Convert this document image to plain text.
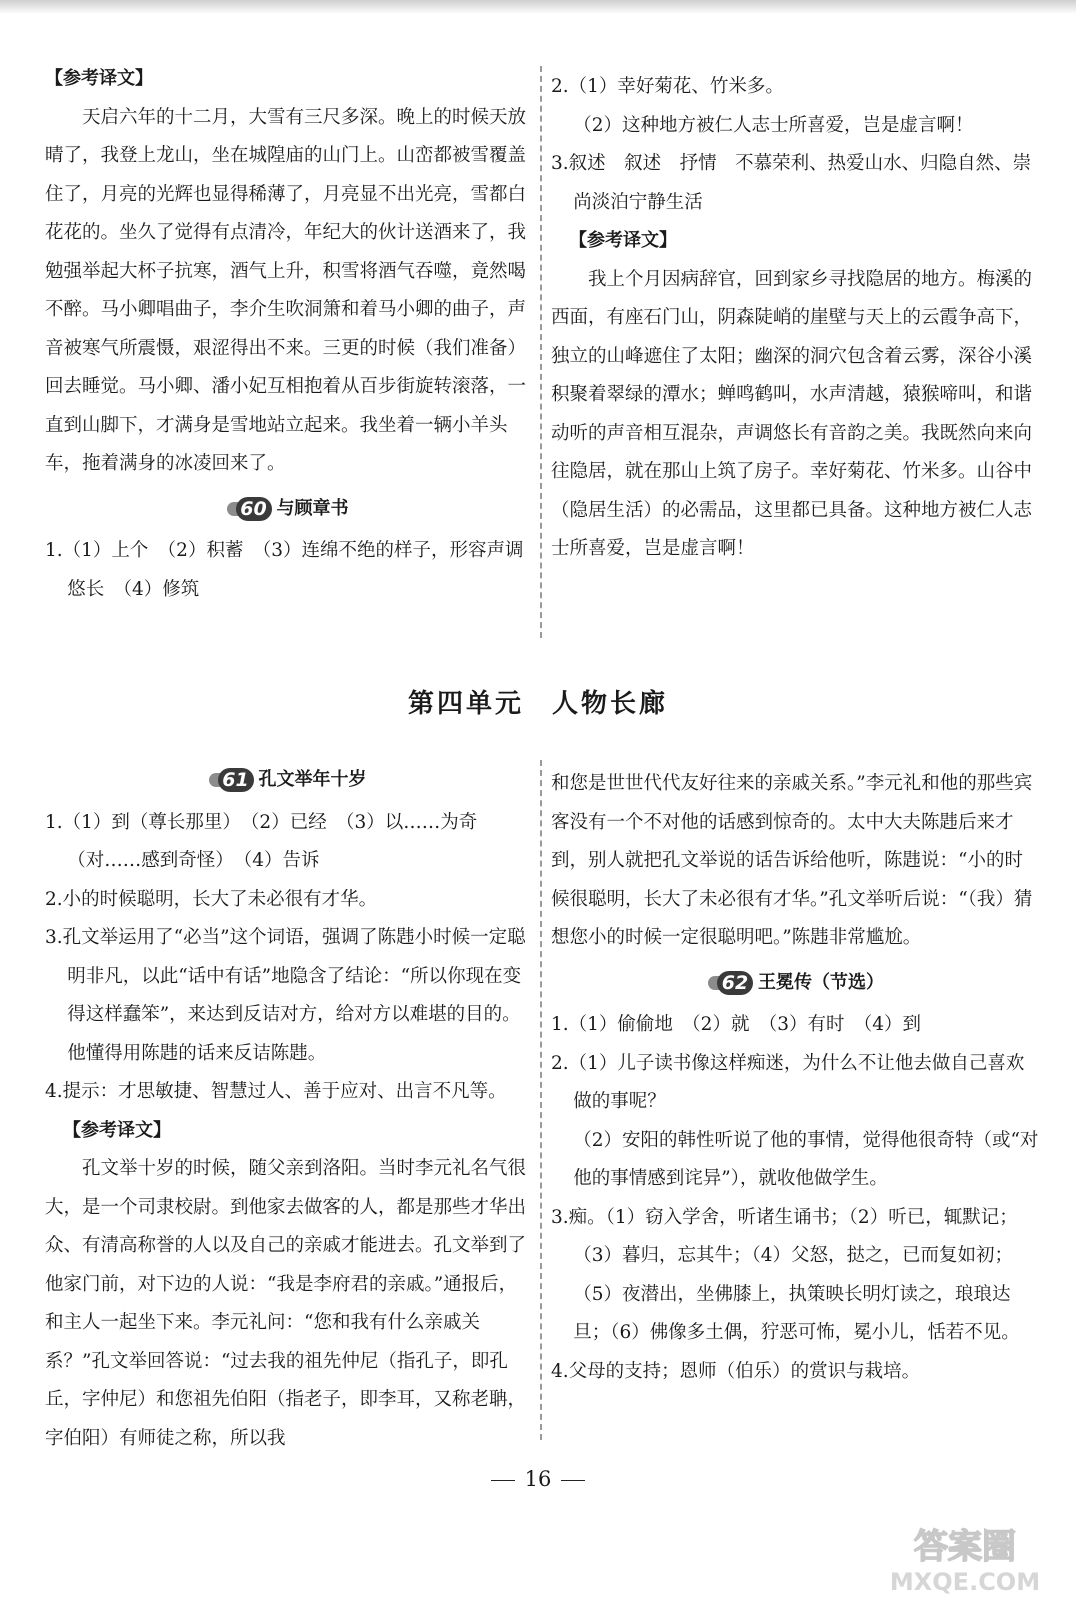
【参考译文】

天启六年的十二月，大雪有三尺多深。晚上的时候天放晴了，我登上龙山，坐在城隍庙的山门上。山峦都被雪覆盖住了，月亮的光辉也显得稀薄了，月亮显不出光亮，雪都白花花的。坐久了觉得有点清冷，年纪大的伙计送酒来了，我勉强举起大杯子抗寒，酒气上升，积雪将酒气吞噬，竟然喝不醉。马小卿唱曲子，李介生吹洞箫和着马小卿的曲子，声音被寒气所震慑，艰涩得出不来。三更的时候（我们准备）回去睡觉。马小卿、潘小妃互相抱着从百步街旋转滚落，一直到山脚下，才满身是雪地站立起来。我坐着一辆小羊头车，拖着满身的冰凌回来了。

60 与顾章书

1.（1）上个　（2）积蓄　（3）连绵不绝的样子，形容声调悠长　（4）修筑

2.（1）幸好菊花、竹米多。

（2）这种地方被仁人志士所喜爱，岂是虚言啊！

3.叙述　叙述　抒情　不慕荣利、热爱山水、归隐自然、崇尚淡泊宁静生活

【参考译文】

我上个月因病辞官，回到家乡寻找隐居的地方。梅溪的西面，有座石门山，阴森陡峭的崖壁与天上的云霞争高下，独立的山峰遮住了太阳；幽深的洞穴包含着云雾，深谷小溪积聚着翠绿的潭水；蝉鸣鹤叫，水声清越，猿猴啼叫，和谐动听的声音相互混杂，声调悠长有音韵之美。我既然向来向往隐居，就在那山上筑了房子。幸好菊花、竹米多。山谷中（隐居生活）的必需品，这里都已具备。这种地方被仁人志士所喜爱，岂是虚言啊！

第四单元 人物长廊
61 孔文举年十岁

1.（1）到（尊长那里）　（2）已经　（3）以……为奇（对……感到奇怪）　（4）告诉

2.小的时候聪明，长大了未必很有才华。

3.孔文举运用了“必当”这个词语，强调了陈韪小时候一定聪明非凡，以此“话中有话”地隐含了结论：“所以你现在变得这样蠢笨”，来达到反诘对方，给对方以难堪的目的。他懂得用陈韪的话来反诘陈韪。

4.提示：才思敏捷、智慧过人、善于应对、出言不凡等。

【参考译文】

孔文举十岁的时候，随父亲到洛阳。当时李元礼名气很大，是一个司隶校尉。到他家去做客的人，都是那些才华出众、有清高称誉的人以及自己的亲戚才能进去。孔文举到了他家门前，对下边的人说：“我是李府君的亲戚。”通报后，和主人一起坐下来。李元礼问：“您和我有什么亲戚关系？”孔文举回答说：“过去我的祖先仲尼（指孔子，即孔丘，字仲尼）和您祖先伯阳（指老子，即李耳，又称老聃，字伯阳）有师徒之称，所以我

和您是世世代代友好往来的亲戚关系。”李元礼和他的那些宾客没有一个不对他的话感到惊奇的。太中大夫陈韪后来才到，别人就把孔文举说的话告诉给他听，陈韪说：“小的时候很聪明，长大了未必很有才华。”孔文举听后说：“（我）猜想您小的时候一定很聪明吧。”陈韪非常尴尬。

62 王冕传（节选）

1.（1）偷偷地　（2）就　（3）有时　（4）到

2.（1）儿子读书像这样痴迷，为什么不让他去做自己喜欢做的事呢？

（2）安阳的韩性听说了他的事情，觉得他很奇特（或“对他的事情感到诧异”），就收他做学生。

3.痴。（1）窃入学舍，听诸生诵书；（2）听已，辄默记；（3）暮归，忘其牛；（4）父怒，挞之，已而复如初；（5）夜潜出，坐佛膝上，执策映长明灯读之，琅琅达旦；（6）佛像多土偶，狞恶可怖，冕小儿，恬若不见。

4.父母的支持；恩师（伯乐）的赏识与栽培。

16
答案圈
MXQE.COM
